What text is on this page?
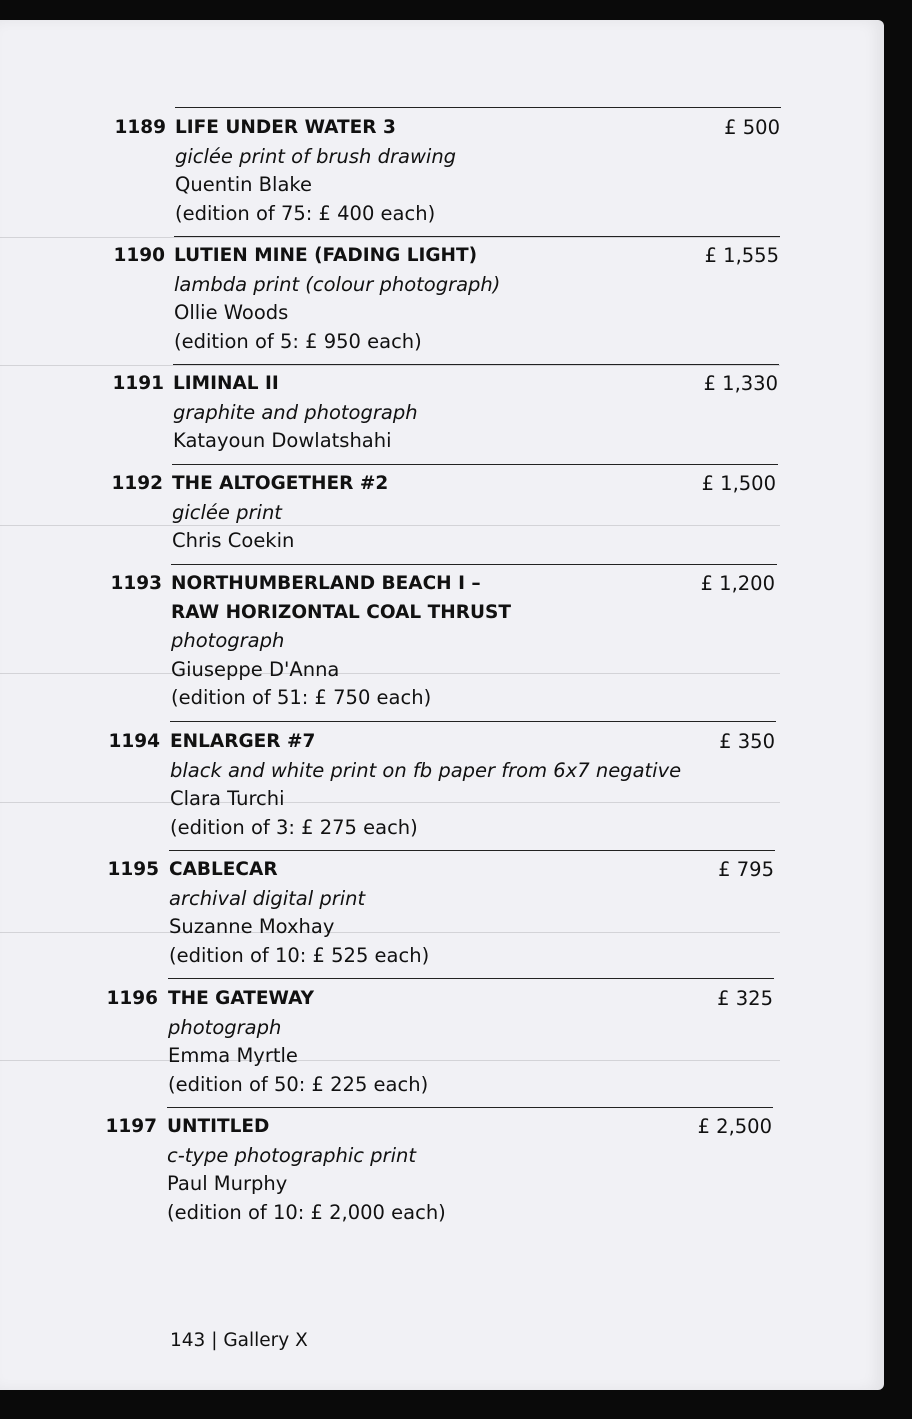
1189 LIFE UNDER WATER 3
giclée print of brush drawing
Quentin Blake
(edition of 75: £ 400 each)
£ 500
1190 LUTIEN MINE (FADING LIGHT)
lambda print (colour photograph)
Ollie Woods
(edition of 5: £ 950 each)
£ 1,555
1191 LIMINAL II
graphite and photograph
Katayoun Dowlatshahi
£ 1,330
1192 THE ALTOGETHER #2
giclée print
Chris Coekin
£ 1,500
1193 NORTHUMBERLAND BEACH I –
RAW HORIZONTAL COAL THRUST
photograph
Giuseppe D'Anna
(edition of 51: £ 750 each)
£ 1,200
1194 ENLARGER #7
black and white print on fb paper from 6x7 negative
Clara Turchi
(edition of 3: £ 275 each)
£ 350
1195 CABLECAR
archival digital print
Suzanne Moxhay
(edition of 10: £ 525 each)
£ 795
1196 THE GATEWAY
photograph
Emma Myrtle
(edition of 50: £ 225 each)
£ 325
1197 UNTITLED
c-type photographic print
Paul Murphy
(edition of 10: £ 2,000 each)
£ 2,500
143 | Gallery X
